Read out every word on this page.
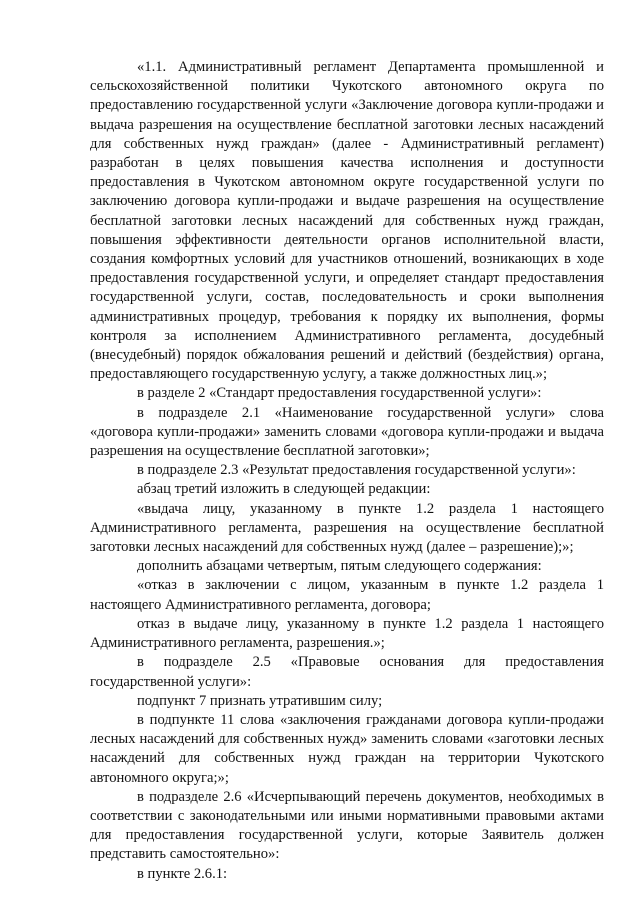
«1.1. Административный регламент Департамента промышленной и сельскохозяйственной политики Чукотского автономного округа по предоставлению государственной услуги «Заключение договора купли-продажи и выдача разрешения на осуществление бесплатной заготовки лесных насаждений для собственных нужд граждан» (далее - Административный регламент) разработан в целях повышения качества исполнения и доступности предоставления в Чукотском автономном округе государственной услуги по заключению договора купли-продажи и выдаче разрешения на осуществление бесплатной заготовки лесных насаждений для собственных нужд граждан, повышения эффективности деятельности органов исполнительной власти, создания комфортных условий для участников отношений, возникающих в ходе предоставления государственной услуги, и определяет стандарт предоставления государственной услуги, состав, последовательность и сроки выполнения административных процедур, требования к порядку их выполнения, формы контроля за исполнением Административного регламента, досудебный (внесудебный) порядок обжалования решений и действий (бездействия) органа, предоставляющего государственную услугу, а также должностных лиц.»;

в разделе 2 «Стандарт предоставления государственной услуги»:

в подразделе 2.1 «Наименование государственной услуги» слова «договора купли-продажи» заменить словами «договора купли-продажи и выдача разрешения на осуществление бесплатной заготовки»;

в подразделе 2.3 «Результат предоставления государственной услуги»:

абзац третий изложить в следующей редакции:

«выдача лицу, указанному в пункте 1.2 раздела 1 настоящего Административного регламента, разрешения на осуществление бесплатной заготовки лесных насаждений для собственных нужд (далее – разрешение);»;

дополнить абзацами четвертым, пятым следующего содержания:

«отказ в заключении с лицом, указанным в пункте 1.2 раздела 1 настоящего Административного регламента, договора;

отказ в выдаче лицу, указанному в пункте 1.2 раздела 1 настоящего Административного регламента, разрешения.»;

в подразделе 2.5 «Правовые основания для предоставления государственной услуги»:

подпункт 7 признать утратившим силу;

в подпункте 11 слова «заключения гражданами договора купли-продажи лесных насаждений для собственных нужд» заменить словами «заготовки лесных насаждений для собственных нужд граждан на территории Чукотского автономного округа;»;

в подразделе 2.6 «Исчерпывающий перечень документов, необходимых в соответствии с законодательными или иными нормативными правовыми актами для предоставления государственной услуги, которые Заявитель должен представить самостоятельно»:

в пункте 2.6.1:
